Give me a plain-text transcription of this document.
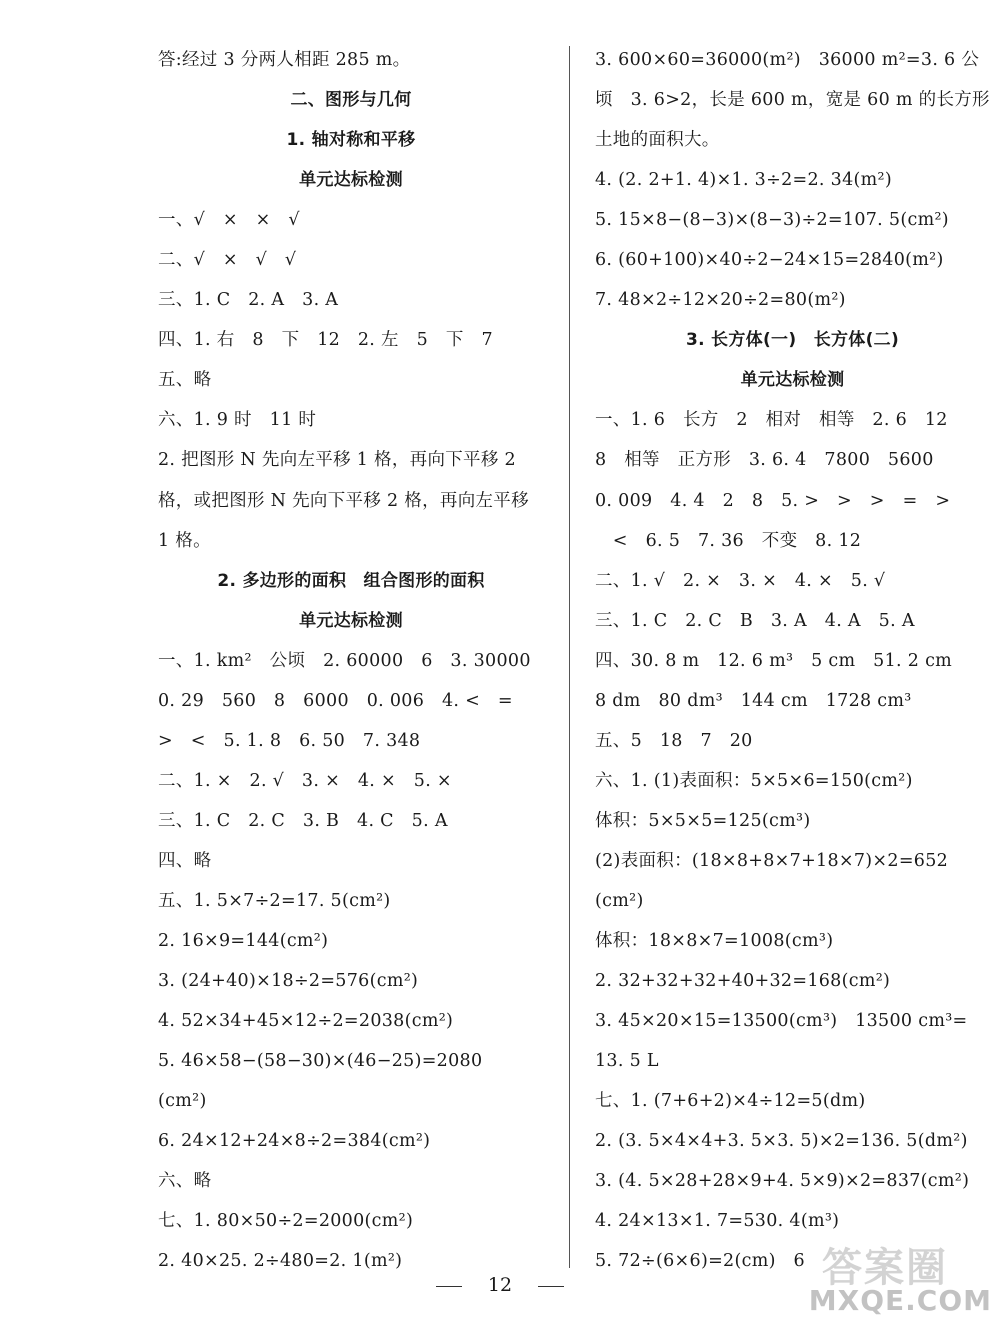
答:经过 3 分两人相距 285 m。
二、图形与几何
1. 轴对称和平移
单元达标检测
一、√　×　×　√
二、√　×　√　√
三、1. C　2. A　3. A
四、1. 右　8　下　12　2. 左　5　下　7
五、略
六、1. 9 时　11 时
2. 把图形 N 先向左平移 1 格，再向下平移 2
格，或把图形 N 先向下平移 2 格，再向左平移
1 格。
2. 多边形的面积　组合图形的面积
单元达标检测
一、1. km²　公顷　2. 60000　6　3. 30000
0. 29　560　8　6000　0. 006　4. <　=
>　<　5. 1. 8　6. 50　7. 348
二、1. ×　2. √　3. ×　4. ×　5. ×
三、1. C　2. C　3. B　4. C　5. A
四、略
五、1. 5×7÷2=17. 5(cm²)
2. 16×9=144(cm²)
3. (24+40)×18÷2=576(cm²)
4. 52×34+45×12÷2=2038(cm²)
5. 46×58−(58−30)×(46−25)=2080
(cm²)
6. 24×12+24×8÷2=384(cm²)
六、略
七、1. 80×50÷2=2000(cm²)
2. 40×25. 2÷480=2. 1(m²)
3. 600×60=36000(m²)　36000 m²=3. 6 公
顷　3. 6>2，长是 600 m，宽是 60 m 的长方形
土地的面积大。
4. (2. 2+1. 4)×1. 3÷2=2. 34(m²)
5. 15×8−(8−3)×(8−3)÷2=107. 5(cm²)
6. (60+100)×40÷2−24×15=2840(m²)
7. 48×2÷12×20÷2=80(m²)
3. 长方体(一)　长方体(二)
单元达标检测
一、1. 6　长方　2　相对　相等　2. 6　12
8　相等　正方形　3. 6. 4　7800　5600
0. 009　4. 4　2　8　5. >　>　>　=　>
　<　6. 5　7. 36　不变　8. 12
二、1. √　2. ×　3. ×　4. ×　5. √
三、1. C　2. C　B　3. A　4. A　5. A
四、30. 8 m　12. 6 m³　5 cm　51. 2 cm
8 dm　80 dm³　144 cm　1728 cm³
五、5　18　7　20
六、1. (1)表面积：5×5×6=150(cm²)
体积：5×5×5=125(cm³)
(2)表面积：(18×8+8×7+18×7)×2=652
(cm²)
体积：18×8×7=1008(cm³)
2. 32+32+32+40+32=168(cm²)
3. 45×20×15=13500(cm³)　13500 cm³=
13. 5 L
七、1. (7+6+2)×4÷12=5(dm)
2. (3. 5×4×4+3. 5×3. 5)×2=136. 5(dm²)
3. (4. 5×28+28×9+4. 5×9)×2=837(cm²)
4. 24×13×1. 7=530. 4(m³)
5. 72÷(6×6)=2(cm)　6
12	答案圈
MXQE.COM
